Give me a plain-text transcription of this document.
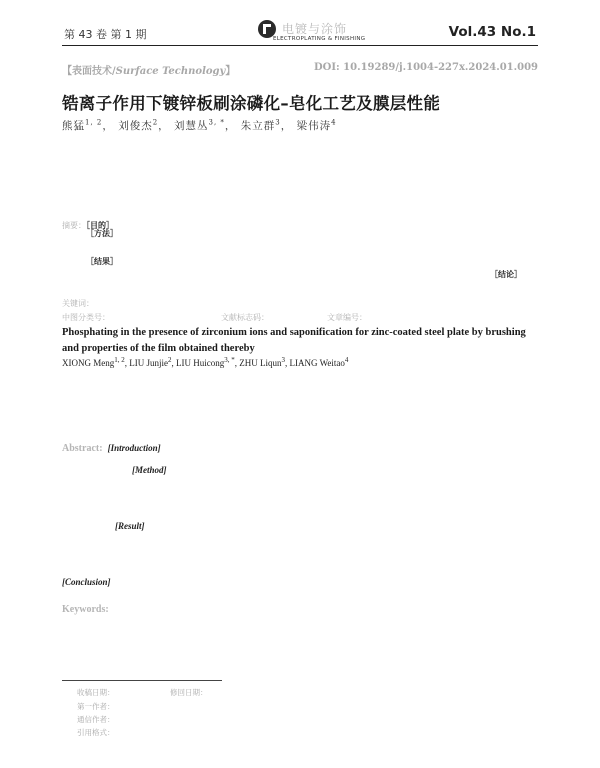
第 43 卷 第 1 期	电镀与涂饰
ELECTROPLATING & FINISHING	Vol.43 No.1
【表面技术/Surface Technology】	DOI: 10.19289/j.1004-227x.2024.01.009
锆离子作用下镀锌板刷涂磷化–皂化工艺及膜层性能
熊猛$^{1, 2}$， 刘俊杰$^2$， 刘慧丛$^{3, *}$， 朱立群$^3$， 梁伟涛$^4$
摘要：［目的］
［方法］
［结果］
［结论］
关键词：
中图分类号：	文献标志码：	文章编号：
Phosphating in the presence of zirconium ions and saponification for zinc-coated steel plate by brushing and properties of the film obtained thereby
XIONG Meng$^{1, 2}$, LIU Junjie$^2$, LIU Huicong$^{3, *}$, ZHU Liqun$^3$, LIANG Weitao$^4$
Abstract: [Introduction]
[Method]
[Result]
[Conclusion]
Keywords:
收稿日期：	修回日期：
第一作者：
通信作者：
引用格式：
